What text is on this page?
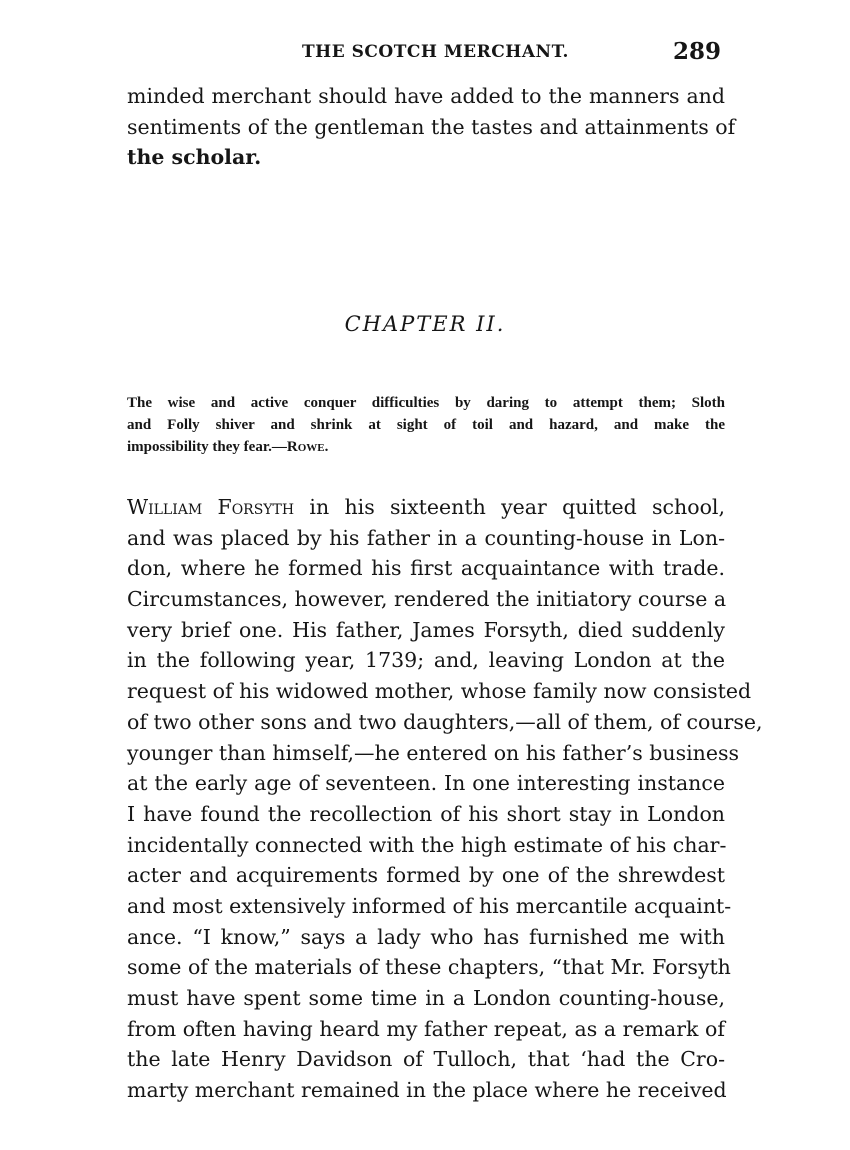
THE SCOTCH MERCHANT.	289

minded merchant should have added to the manners and
sentiments of the gentleman the tastes and attainments of
the scholar.

CHAPTER II.
The wise and active conquer difficulties by daring to attempt them; Sloth
and Folly shiver and shrink at sight of toil and hazard, and make the
impossibility they fear.—Rowe.

William Forsyth in his sixteenth year quitted school,
and was placed by his father in a counting-house in Lon-
don, where he formed his first acquaintance with trade.
Circumstances, however, rendered the initiatory course a
very brief one. His father, James Forsyth, died suddenly
in the following year, 1739; and, leaving London at the
request of his widowed mother, whose family now consisted
of two other sons and two daughters,—all of them, of course,
younger than himself,—he entered on his father’s business
at the early age of seventeen. In one interesting instance
I have found the recollection of his short stay in London
incidentally connected with the high estimate of his char-
acter and acquirements formed by one of the shrewdest
and most extensively informed of his mercantile acquaint-
ance. “I know,” says a lady who has furnished me with
some of the materials of these chapters, “that Mr. Forsyth
must have spent some time in a London counting-house,
from often having heard my father repeat, as a remark of
the late Henry Davidson of Tulloch, that ‘had the Cro-
marty merchant remained in the place where he received
